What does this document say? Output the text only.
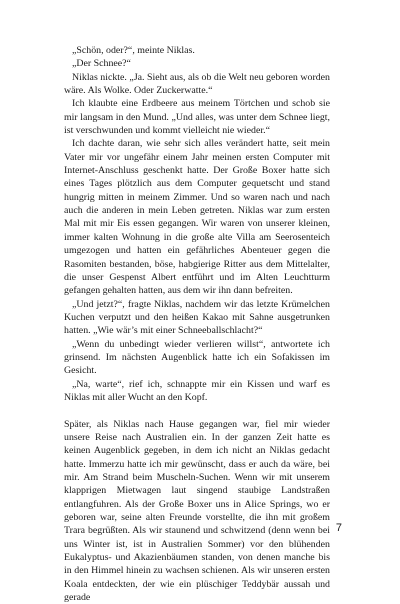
„Schön, oder?“, meinte Niklas.

„Der Schnee?“

Niklas nickte. „Ja. Sieht aus, als ob die Welt neu geboren worden wäre. Als Wolke. Oder Zuckerwatte.“

Ich klaubte eine Erdbeere aus meinem Törtchen und schob sie mir langsam in den Mund. „Und alles, was unter dem Schnee liegt, ist verschwunden und kommt vielleicht nie wieder.“

Ich dachte daran, wie sehr sich alles verändert hatte, seit mein Vater mir vor ungefähr einem Jahr meinen ersten Computer mit Internet-Anschluss geschenkt hatte. Der Große Boxer hatte sich eines Tages plötzlich aus dem Computer gequetscht und stand hungrig mitten in meinem Zimmer. Und so waren nach und nach auch die anderen in mein Leben getreten. Niklas war zum ersten Mal mit mir Eis essen gegangen. Wir waren von unserer kleinen, immer kalten Wohnung in die große alte Villa am Seerosenteich umgezogen und hatten ein gefährliches Abenteuer gegen die Rasomiten bestanden, böse, habgierige Ritter aus dem Mittelalter, die unser Gespenst Albert entführt und im Alten Leuchtturm gefangen gehalten hatten, aus dem wir ihn dann befreiten.

„Und jetzt?“, fragte Niklas, nachdem wir das letzte Krümelchen Kuchen verputzt und den heißen Kakao mit Sahne ausgetrunken hatten. „Wie wär’s mit einer Schneeballschlacht?“

„Wenn du unbedingt wieder verlieren willst“, antwortete ich grinsend. Im nächsten Augenblick hatte ich ein Sofakissen im Gesicht.

„Na, warte“, rief ich, schnappte mir ein Kissen und warf es Niklas mit aller Wucht an den Kopf.

Später, als Niklas nach Hause gegangen war, fiel mir wieder unsere Reise nach Australien ein. In der ganzen Zeit hatte es keinen Augenblick gegeben, in dem ich nicht an Niklas gedacht hatte. Immerzu hatte ich mir gewünscht, dass er auch da wäre, bei mir. Am Strand beim Muscheln-Suchen. Wenn wir mit unserem klapprigen Mietwagen laut singend staubige Landstraßen entlangfuhren. Als der Große Boxer uns in Alice Springs, wo er geboren war, seine alten Freunde vorstellte, die ihn mit großem Trara begrüßten. Als wir staunend und schwitzend (denn wenn bei uns Winter ist, ist in Australien Sommer) vor den blühenden Eukalyptus- und Akazienbäumen standen, von denen manche bis in den Himmel hinein zu wachsen schienen. Als wir unseren ersten Koala entdeckten, der wie ein plüschiger Teddybär aussah und gerade

7
